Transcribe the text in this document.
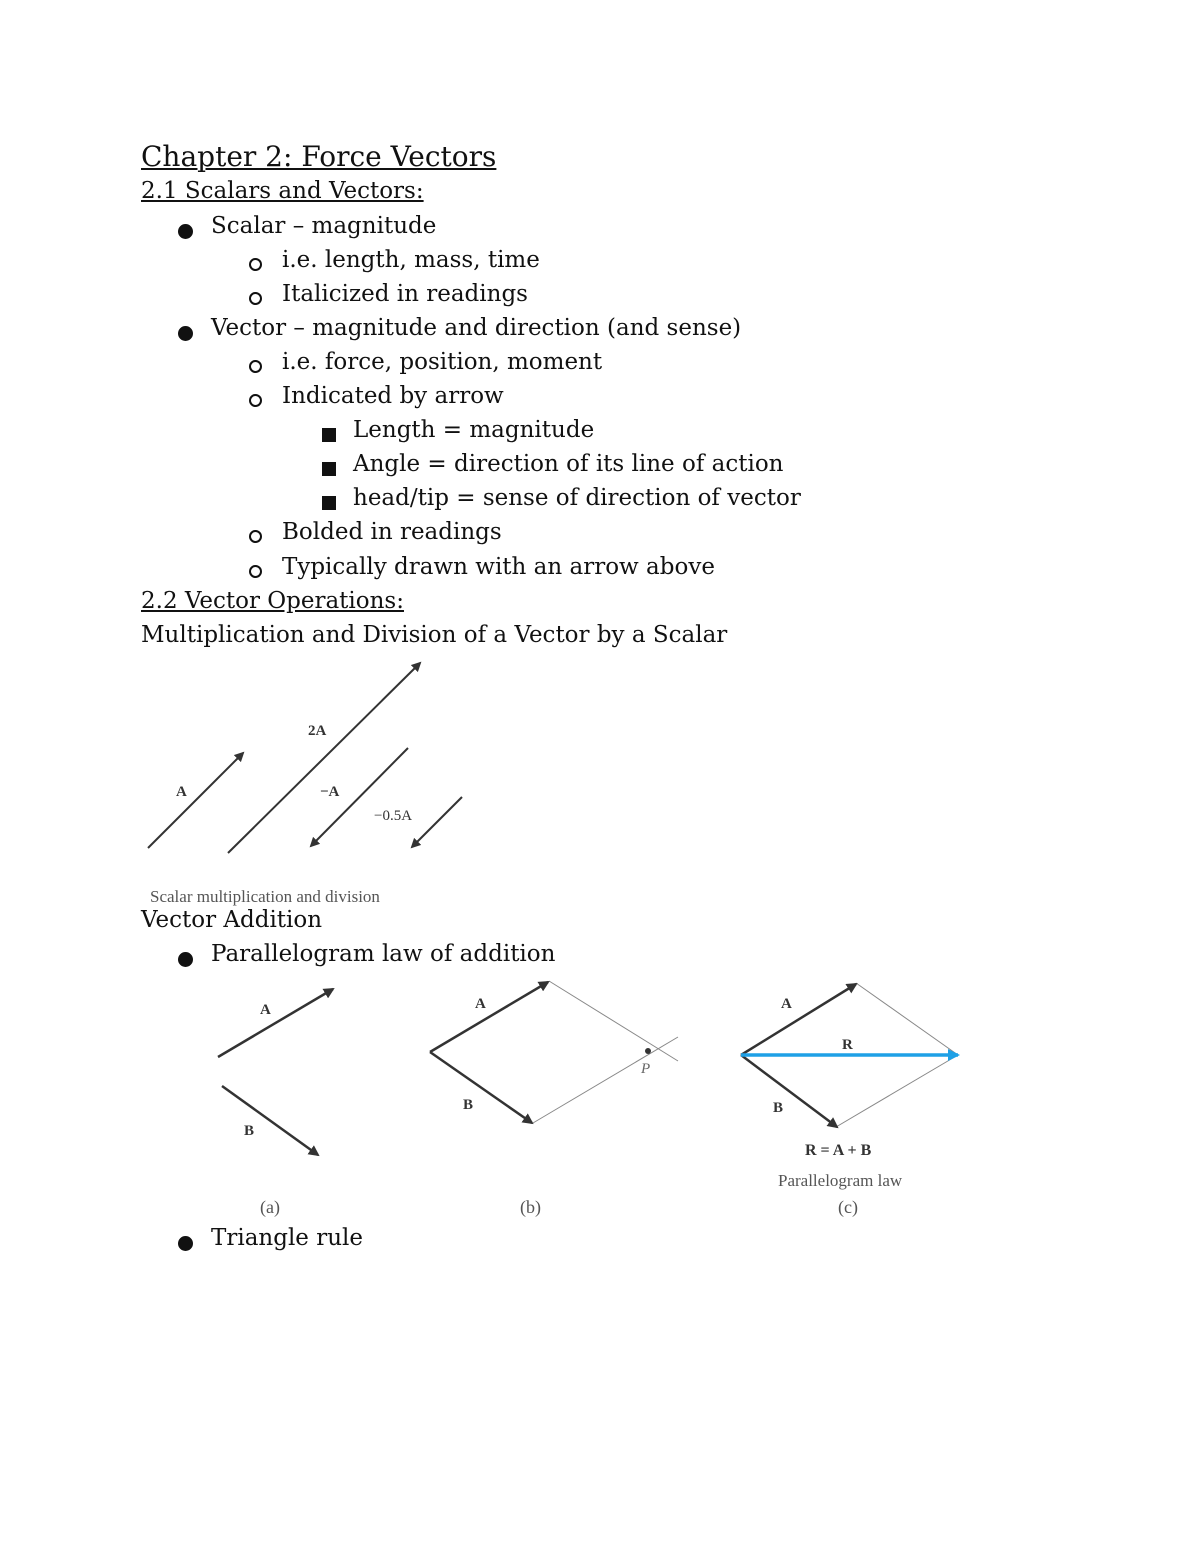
Chapter 2: Force Vectors
2.1 Scalars and Vectors:
Scalar – magnitude
i.e. length, mass, time
Italicized in readings
Vector – magnitude and direction (and sense)
i.e. force, position, moment
Indicated by arrow
Length = magnitude
Angle = direction of its line of action
head/tip = sense of direction of vector
Bolded in readings
Typically drawn with an arrow above
2.2 Vector Operations:
Multiplication and Division of a Vector by a Scalar
A
2A
−A
−0.5A
Scalar multiplication and division
Vector Addition
Parallelogram law of addition
A
B
(a)
A
B
P
(b)
A
R
B
R = A + B
Parallelogram law
(c)
Triangle rule
